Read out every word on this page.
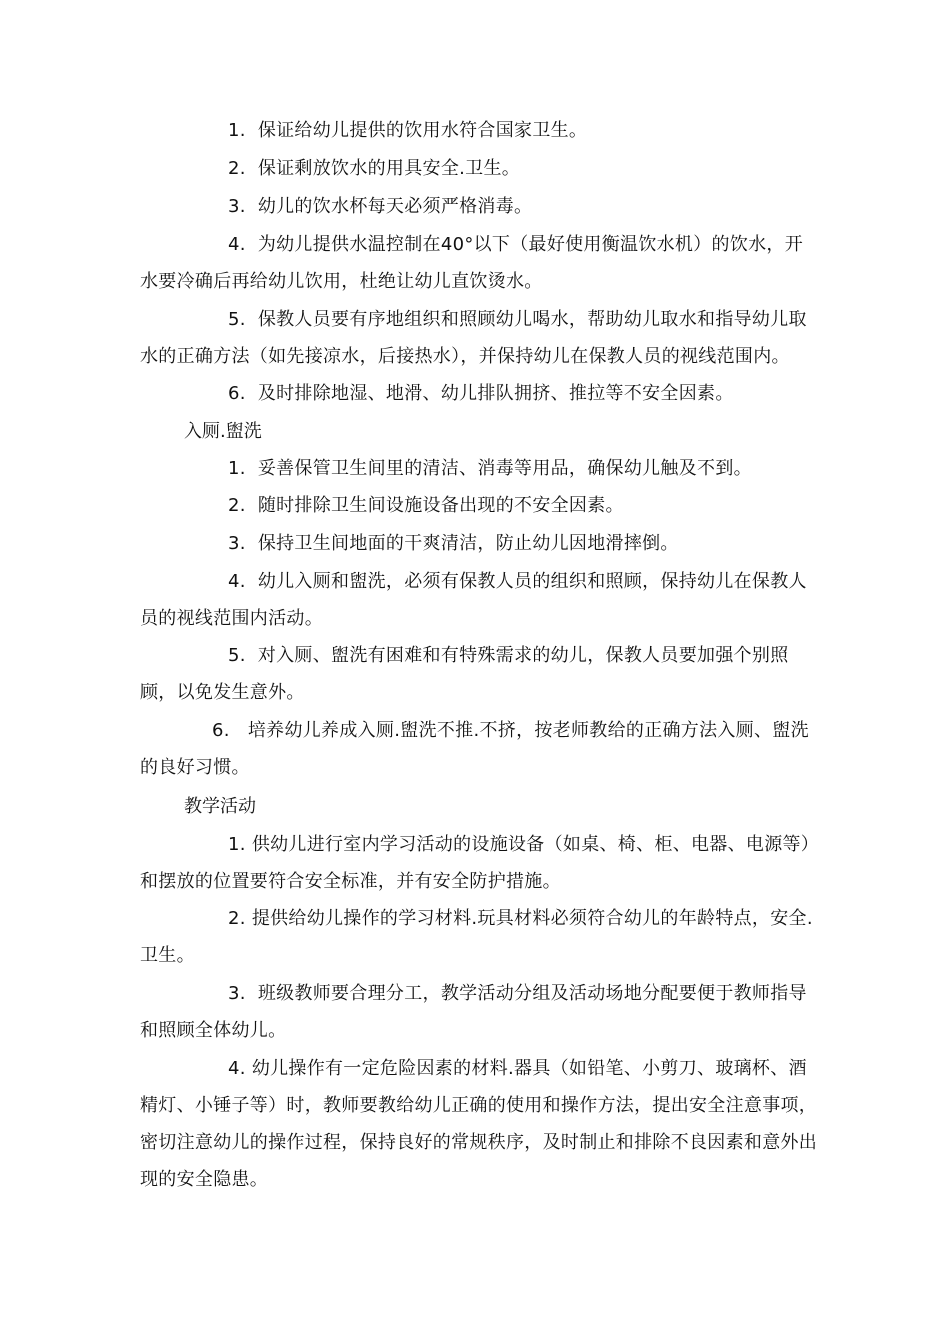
1. 保证给幼儿提供的饮用水符合国家卫生。

2. 保证剩放饮水的用具安全.卫生。

3. 幼儿的饮水杯每天必须严格消毒。

4. 为幼儿提供水温控制在40°以下（最好使用衡温饮水机）的饮水，开水要冷确后再给幼儿饮用，杜绝让幼儿直饮烫水。

5. 保教人员要有序地组织和照顾幼儿喝水，帮助幼儿取水和指导幼儿取水的正确方法（如先接凉水，后接热水），并保持幼儿在保教人员的视线范围内。

6. 及时排除地湿、地滑、幼儿排队拥挤、推拉等不安全因素。

入厕.盥洗

1. 妥善保管卫生间里的清洁、消毒等用品，确保幼儿触及不到。

2. 随时排除卫生间设施设备出现的不安全因素。

3. 保持卫生间地面的干爽清洁，防止幼儿因地滑摔倒。

4. 幼儿入厕和盥洗，必须有保教人员的组织和照顾，保持幼儿在保教人员的视线范围内活动。

5. 对入厕、盥洗有困难和有特殊需求的幼儿，保教人员要加强个别照顾，以免发生意外。

6. 培养幼儿养成入厕.盥洗不推.不挤，按老师教给的正确方法入厕、盥洗的良好习惯。

教学活动

1. 供幼儿进行室内学习活动的设施设备（如桌、椅、柜、电器、电源等）和摆放的位置要符合安全标准，并有安全防护措施。

2. 提供给幼儿操作的学习材料.玩具材料必须符合幼儿的年龄特点，安全.卫生。

3. 班级教师要合理分工，教学活动分组及活动场地分配要便于教师指导和照顾全体幼儿。

4. 幼儿操作有一定危险因素的材料.器具（如铅笔、小剪刀、玻璃杯、酒精灯、小锤子等）时，教师要教给幼儿正确的使用和操作方法，提出安全注意事项，密切注意幼儿的操作过程，保持良好的常规秩序，及时制止和排除不良因素和意外出现的安全隐患。
